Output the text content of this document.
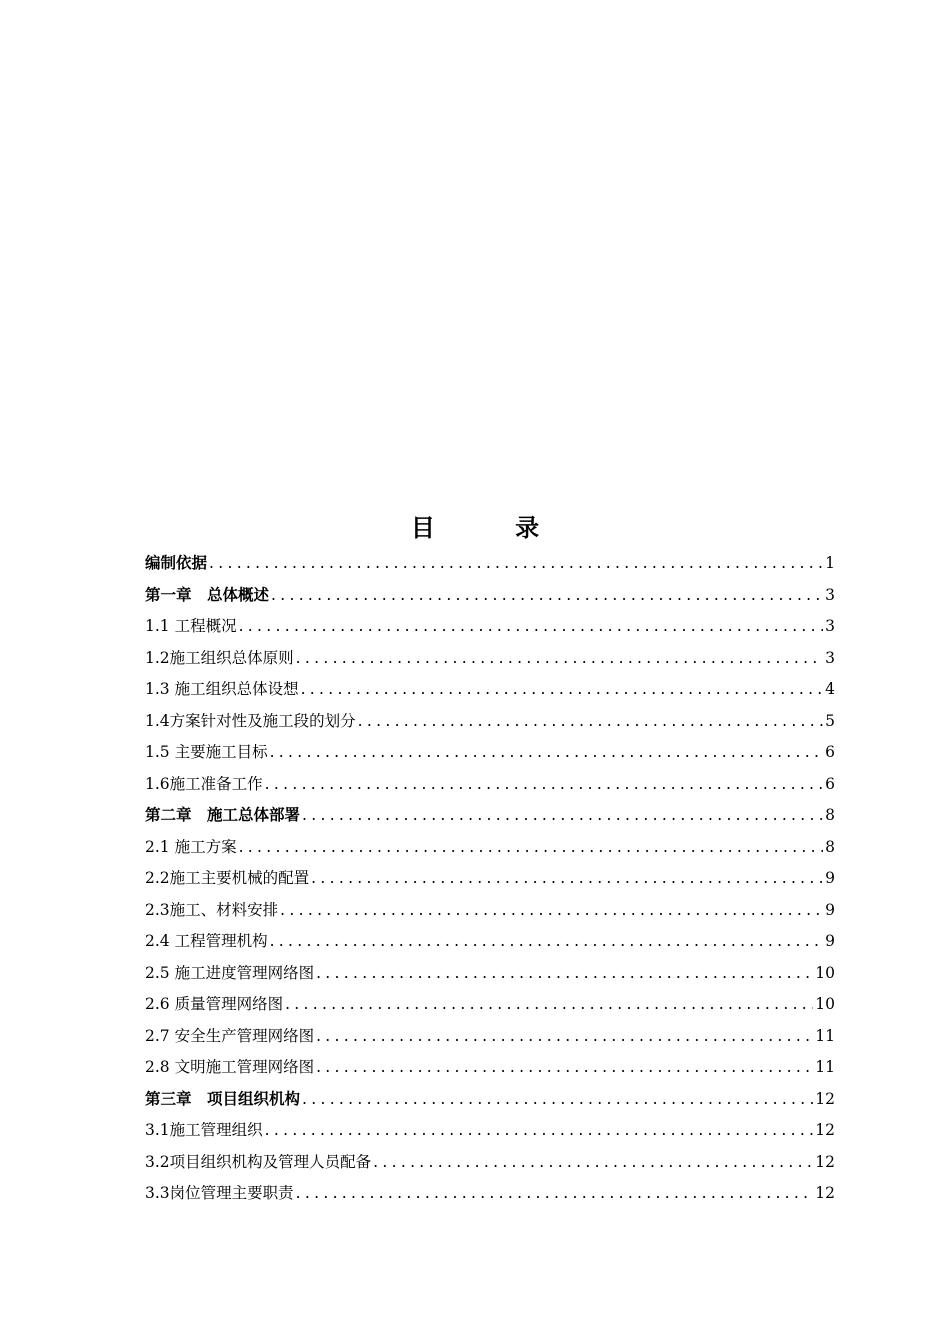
目 录
编制依据 .....	1
第一章　总体概述 .....	3
1.1 工程概况 .....	3
1.2施工组织总体原则 .....	3
1.3 施工组织总体设想 .....	4
1.4方案针对性及施工段的划分 .....	5
1.5 主要施工目标 .....	6
1.6施工准备工作 .....	6
第二章　施工总体部署 .....	8
2.1 施工方案 .....	8
2.2施工主要机械的配置 .....	9
2.3施工、材料安排 .....	9
2.4 工程管理机构 .....	9
2.5 施工进度管理网络图 .....	10
2.6 质量管理网络图 .....	10
2.7 安全生产管理网络图 .....	11
2.8 文明施工管理网络图 .....	11
第三章　项目组织机构 .....	12
3.1施工管理组织 .....	12
3.2项目组织机构及管理人员配备 .....	12
3.3岗位管理主要职责 .....	12
